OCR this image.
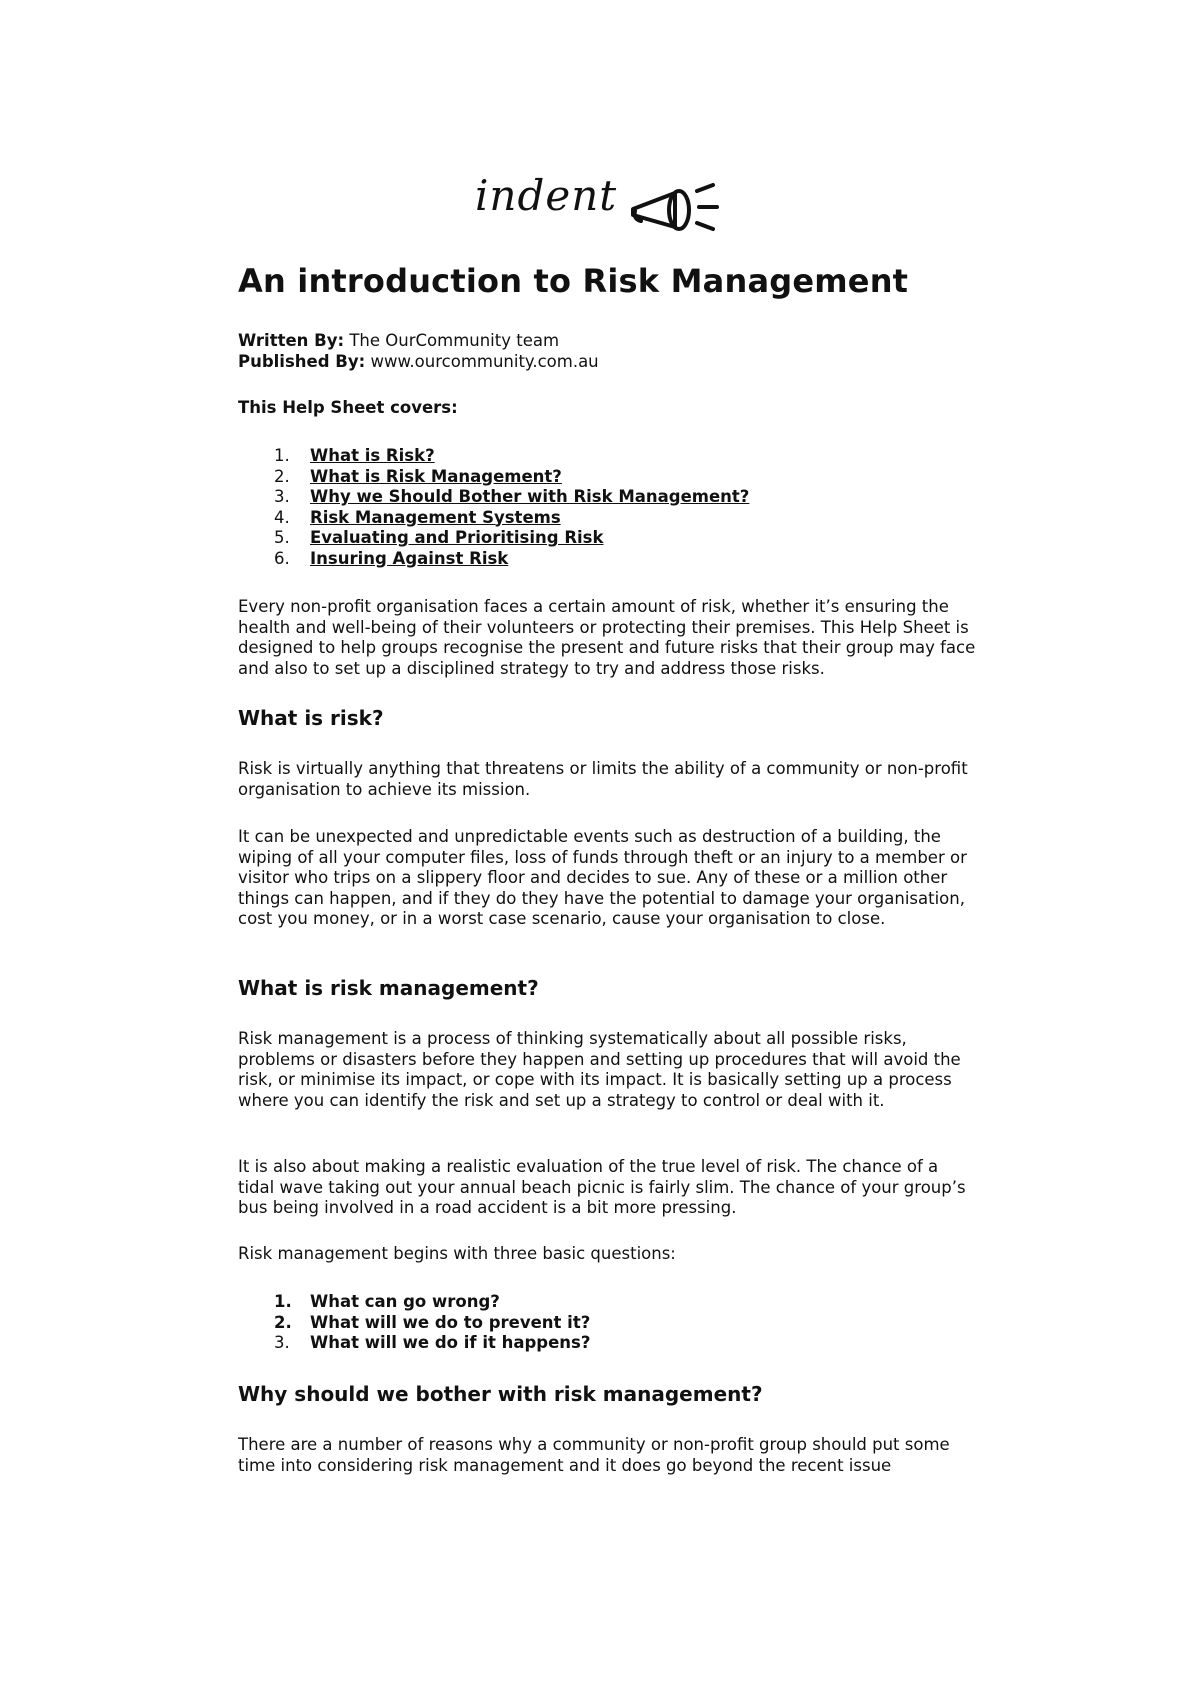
indent
An introduction to Risk Management
Written By: The OurCommunity team
Published By: www.ourcommunity.com.au
This Help Sheet covers:
1.	What is Risk?
2.	What is Risk Management?
3.	Why we Should Bother with Risk Management?
4.	Risk Management Systems
5.	Evaluating and Prioritising Risk
6.	Insuring Against Risk

Every non-profit organisation faces a certain amount of risk, whether it’s ensuring the health and well-being of their volunteers or protecting their premises. This Help Sheet is designed to help groups recognise the present and future risks that their group may face and also to set up a disciplined strategy to try and address those risks.

What is risk?

Risk is virtually anything that threatens or limits the ability of a community or non-profit organisation to achieve its mission.

It can be unexpected and unpredictable events such as destruction of a building, the wiping of all your computer files, loss of funds through theft or an injury to a member or visitor who trips on a slippery floor and decides to sue. Any of these or a million other things can happen, and if they do they have the potential to damage your organisation, cost you money, or in a worst case scenario, cause your organisation to close.

What is risk management?

Risk management is a process of thinking systematically about all possible risks, problems or disasters before they happen and setting up procedures that will avoid the risk, or minimise its impact, or cope with its impact. It is basically setting up a process where you can identify the risk and set up a strategy to control or deal with it.

It is also about making a realistic evaluation of the true level of risk. The chance of a tidal wave taking out your annual beach picnic is fairly slim. The chance of your group’s bus being involved in a road accident is a bit more pressing.

Risk management begins with three basic questions:

1.	What can go wrong?
2.	What will we do to prevent it?
3.	What will we do if it happens?
Why should we bother with risk management?

There are a number of reasons why a community or non-profit group should put some time into considering risk management and it does go beyond the recent issue
